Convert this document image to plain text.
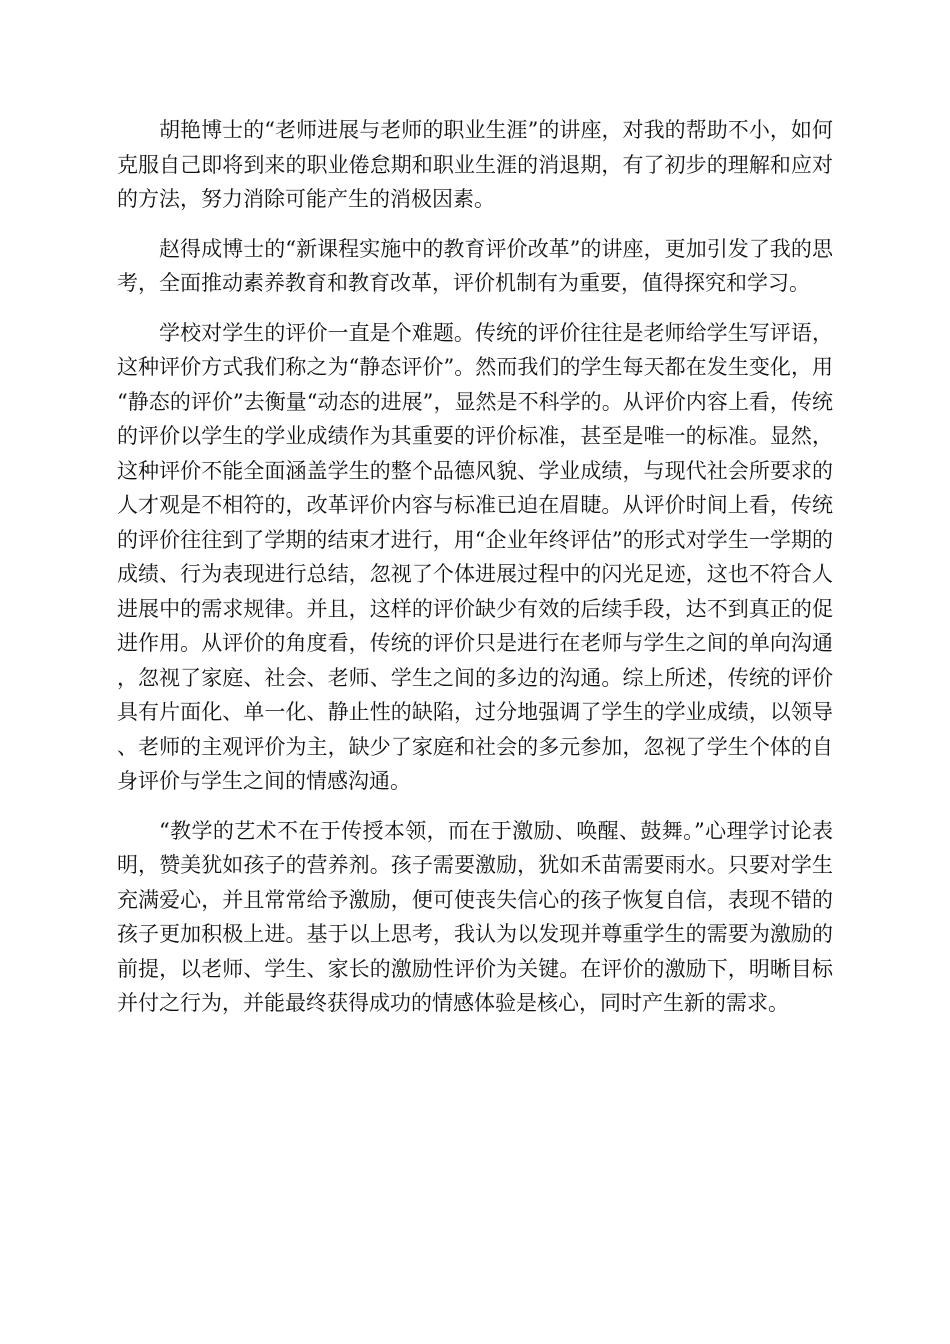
胡艳博士的“老师进展与老师的职业生涯”的讲座，对我的帮助不小，如何克服自己即将到来的职业倦怠期和职业生涯的消退期，有了初步的理解和应对的方法，努力消除可能产生的消极因素。

赵得成博士的“新课程实施中的教育评价改革”的讲座，更加引发了我的思考，全面推动素养教育和教育改革，评价机制有为重要，值得探究和学习。

学校对学生的评价一直是个难题。传统的评价往往是老师给学生写评语，这种评价方式我们称之为“静态评价”。然而我们的学生每天都在发生变化，用“静态的评价”去衡量“动态的进展”，显然是不科学的。从评价内容上看，传统的评价以学生的学业成绩作为其重要的评价标准，甚至是唯一的标准。显然，这种评价不能全面涵盖学生的整个品德风貌、学业成绩，与现代社会所要求的人才观是不相符的，改革评价内容与标准已迫在眉睫。从评价时间上看，传统的评价往往到了学期的结束才进行，用“企业年终评估”的形式对学生一学期的成绩、行为表现进行总结，忽视了个体进展过程中的闪光足迹，这也不符合人进展中的需求规律。并且，这样的评价缺少有效的后续手段，达不到真正的促进作用。从评价的角度看，传统的评价只是进行在老师与学生之间的单向沟通，忽视了家庭、社会、老师、学生之间的多边的沟通。综上所述，传统的评价具有片面化、单一化、静止性的缺陷，过分地强调了学生的学业成绩，以领导、老师的主观评价为主，缺少了家庭和社会的多元参加，忽视了学生个体的自身评价与学生之间的情感沟通。

“教学的艺术不在于传授本领，而在于激励、唤醒、鼓舞。”心理学讨论表明，赞美犹如孩子的营养剂。孩子需要激励，犹如禾苗需要雨水。只要对学生充满爱心，并且常常给予激励，便可使丧失信心的孩子恢复自信，表现不错的孩子更加积极上进。基于以上思考，我认为以发现并尊重学生的需要为激励的前提，以老师、学生、家长的激励性评价为关键。在评价的激励下，明晰目标并付之行为，并能最终获得成功的情感体验是核心，同时产生新的需求。
